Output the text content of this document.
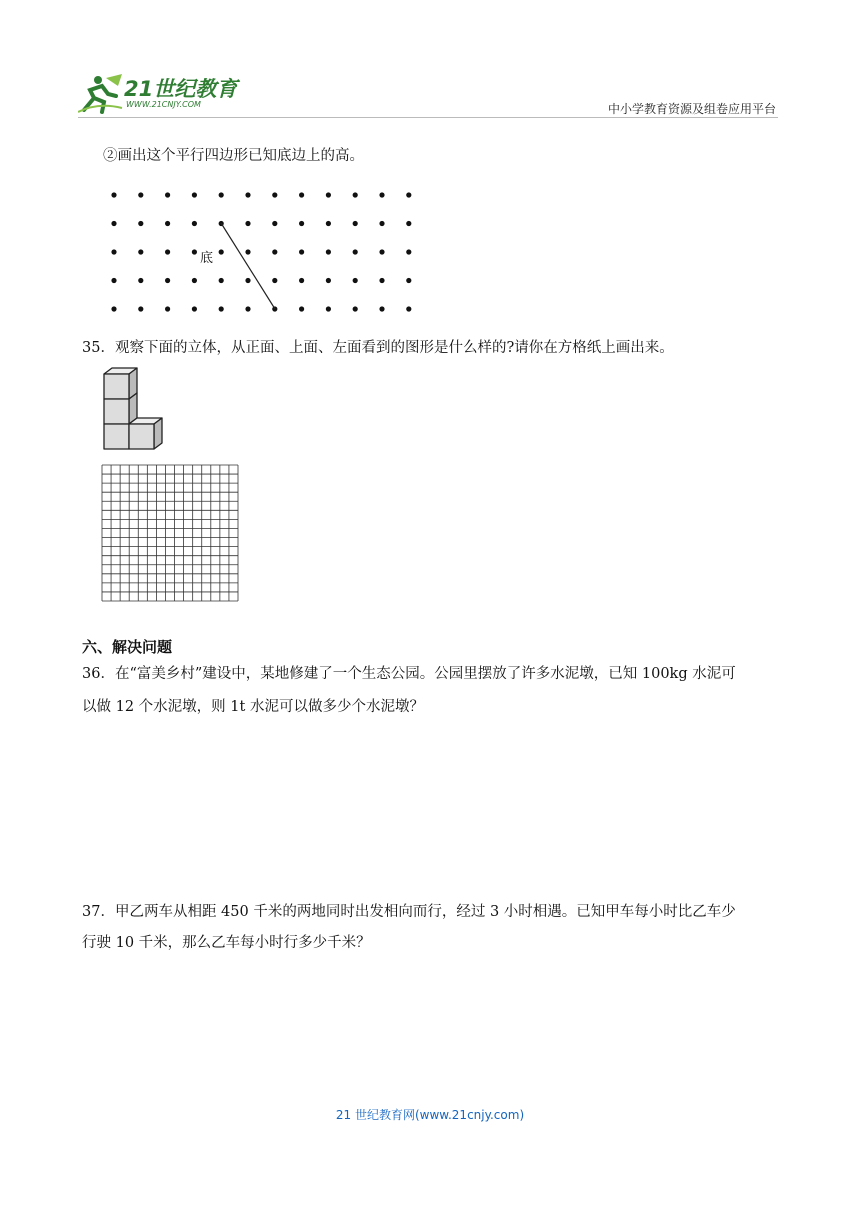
21世纪教育
WWW.21CNJY.COM	中小学教育资源及组卷应用平台
②画出这个平行四边形已知底边上的高。
底
35．观察下面的立体，从正面、上面、左面看到的图形是什么样的?请你在方格纸上画出来。
六、解决问题
36．在“富美乡村”建设中，某地修建了一个生态公园。公园里摆放了许多水泥墩，已知 100kg 水泥可
以做 12 个水泥墩，则 1t 水泥可以做多少个水泥墩？
37．甲乙两车从相距 450 千米的两地同时出发相向而行，经过 3 小时相遇。已知甲车每小时比乙车少
行驶 10 千米，那么乙车每小时行多少千米？
21 世纪教育网(www.21cnjy.com)
